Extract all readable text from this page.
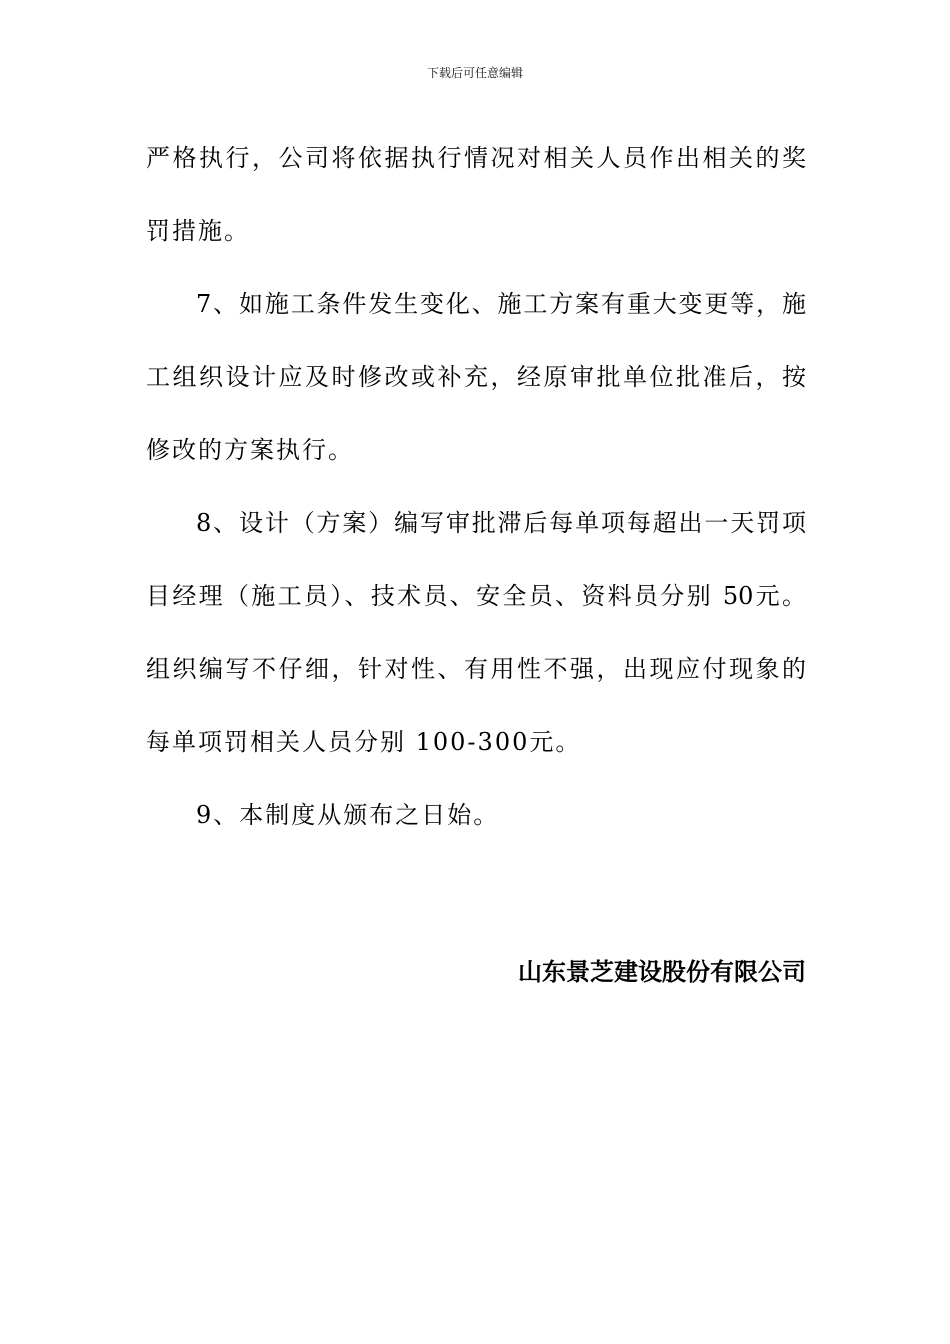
下载后可任意编辑
严格执行，公司将依据执行情况对相关人员作出相关的奖
罚措施。
7、如施工条件发生变化、施工方案有重大变更等，施
工组织设计应及时修改或补充，经原审批单位批准后，按
修改的方案执行。
8、设计（方案）编写审批滞后每单项每超出一天罚项
目经理（施工员）、技术员、安全员、资料员分别 50元。
组织编写不仔细，针对性、有用性不强，出现应付现象的
每单项罚相关人员分别 100-300元。
9、本制度从颁布之日始。
山东景芝建设股份有限公司
